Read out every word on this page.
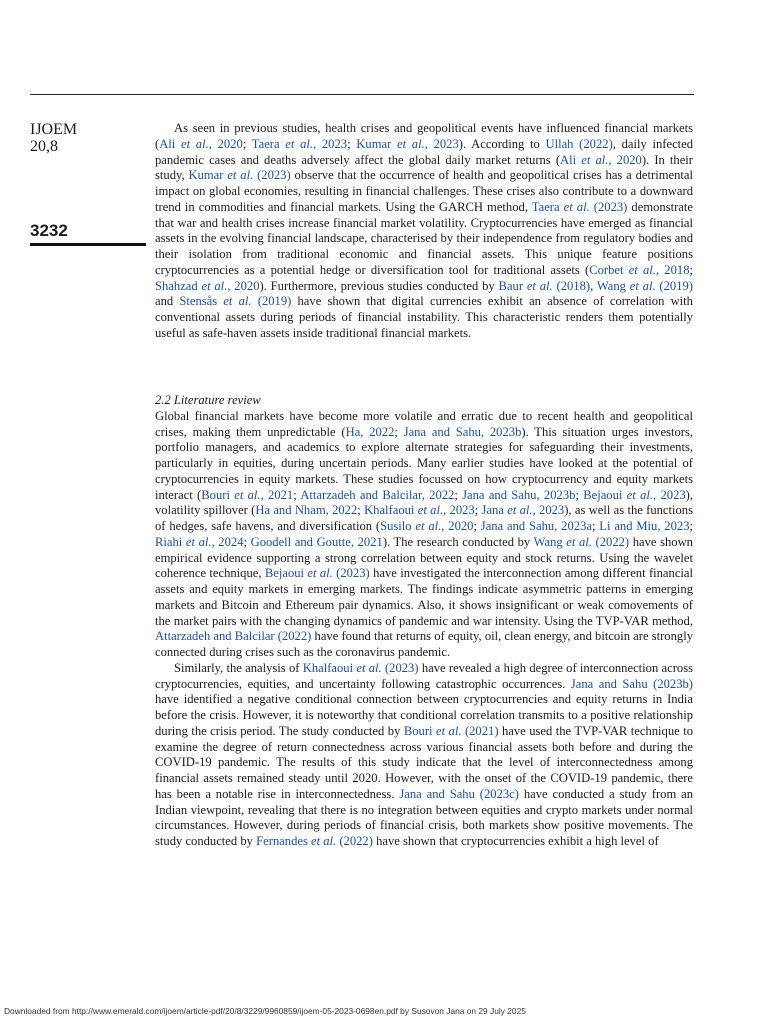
IJOEM
20,8
3232

As seen in previous studies, health crises and geopolitical events have influenced financial markets (Ali et al., 2020; Taera et al., 2023; Kumar et al., 2023). According to Ullah (2022), daily infected pandemic cases and deaths adversely affect the global daily market returns (Ali et al., 2020). In their study, Kumar et al. (2023) observe that the occurrence of health and geopolitical crises has a detrimental impact on global economies, resulting in financial challenges. These crises also contribute to a downward trend in commodities and financial markets. Using the GARCH method, Taera et al. (2023) demonstrate that war and health crises increase financial market volatility. Cryptocurrencies have emerged as financial assets in the evolving financial landscape, characterised by their independence from regulatory bodies and their isolation from traditional economic and financial assets. This unique feature positions cryptocurrencies as a potential hedge or diversification tool for traditional assets (Corbet et al., 2018; Shahzad et al., 2020). Furthermore, previous studies conducted by Baur et al. (2018), Wang et al. (2019) and Stensås et al. (2019) have shown that digital currencies exhibit an absence of correlation with conventional assets during periods of financial instability. This characteristic renders them potentially useful as safe-haven assets inside traditional financial markets.

2.2 Literature review

Global financial markets have become more volatile and erratic due to recent health and geopolitical crises, making them unpredictable (Ha, 2022; Jana and Sahu, 2023b). This situation urges investors, portfolio managers, and academics to explore alternate strategies for safeguarding their investments, particularly in equities, during uncertain periods. Many earlier studies have looked at the potential of cryptocurrencies in equity markets. These studies focussed on how cryptocurrency and equity markets interact (Bouri et al., 2021; Attarzadeh and Balcilar, 2022; Jana and Sahu, 2023b; Bejaoui et al., 2023), volatility spillover (Ha and Nham, 2022; Khalfaoui et al., 2023; Jana et al., 2023), as well as the functions of hedges, safe havens, and diversification (Susilo et al., 2020; Jana and Sahu, 2023a; Li and Miu, 2023; Riahi et al., 2024; Goodell and Goutte, 2021). The research conducted by Wang et al. (2022) have shown empirical evidence supporting a strong correlation between equity and stock returns. Using the wavelet coherence technique, Bejaoui et al. (2023) have investigated the interconnection among different financial assets and equity markets in emerging markets. The findings indicate asymmetric patterns in emerging markets and Bitcoin and Ethereum pair dynamics. Also, it shows insignificant or weak comovements of the market pairs with the changing dynamics of pandemic and war intensity. Using the TVP-VAR method, Attarzadeh and Balcilar (2022) have found that returns of equity, oil, clean energy, and bitcoin are strongly connected during crises such as the coronavirus pandemic.

Similarly, the analysis of Khalfaoui et al. (2023) have revealed a high degree of interconnection across cryptocurrencies, equities, and uncertainty following catastrophic occurrences. Jana and Sahu (2023b) have identified a negative conditional connection between cryptocurrencies and equity returns in India before the crisis. However, it is noteworthy that conditional correlation transmits to a positive relationship during the crisis period. The study conducted by Bouri et al. (2021) have used the TVP-VAR technique to examine the degree of return connectedness across various financial assets both before and during the COVID-19 pandemic. The results of this study indicate that the level of interconnectedness among financial assets remained steady until 2020. However, with the onset of the COVID-19 pandemic, there has been a notable rise in interconnectedness. Jana and Sahu (2023c) have conducted a study from an Indian viewpoint, revealing that there is no integration between equities and crypto markets under normal circumstances. However, during periods of financial crisis, both markets show positive movements. The study conducted by Fernandes et al. (2022) have shown that cryptocurrencies exhibit a high level of

Downloaded from http://www.emerald.com/ijoem/article-pdf/20/8/3229/9960859/ijoem-05-2023-0698en.pdf by Susovon Jana on 29 July 2025
